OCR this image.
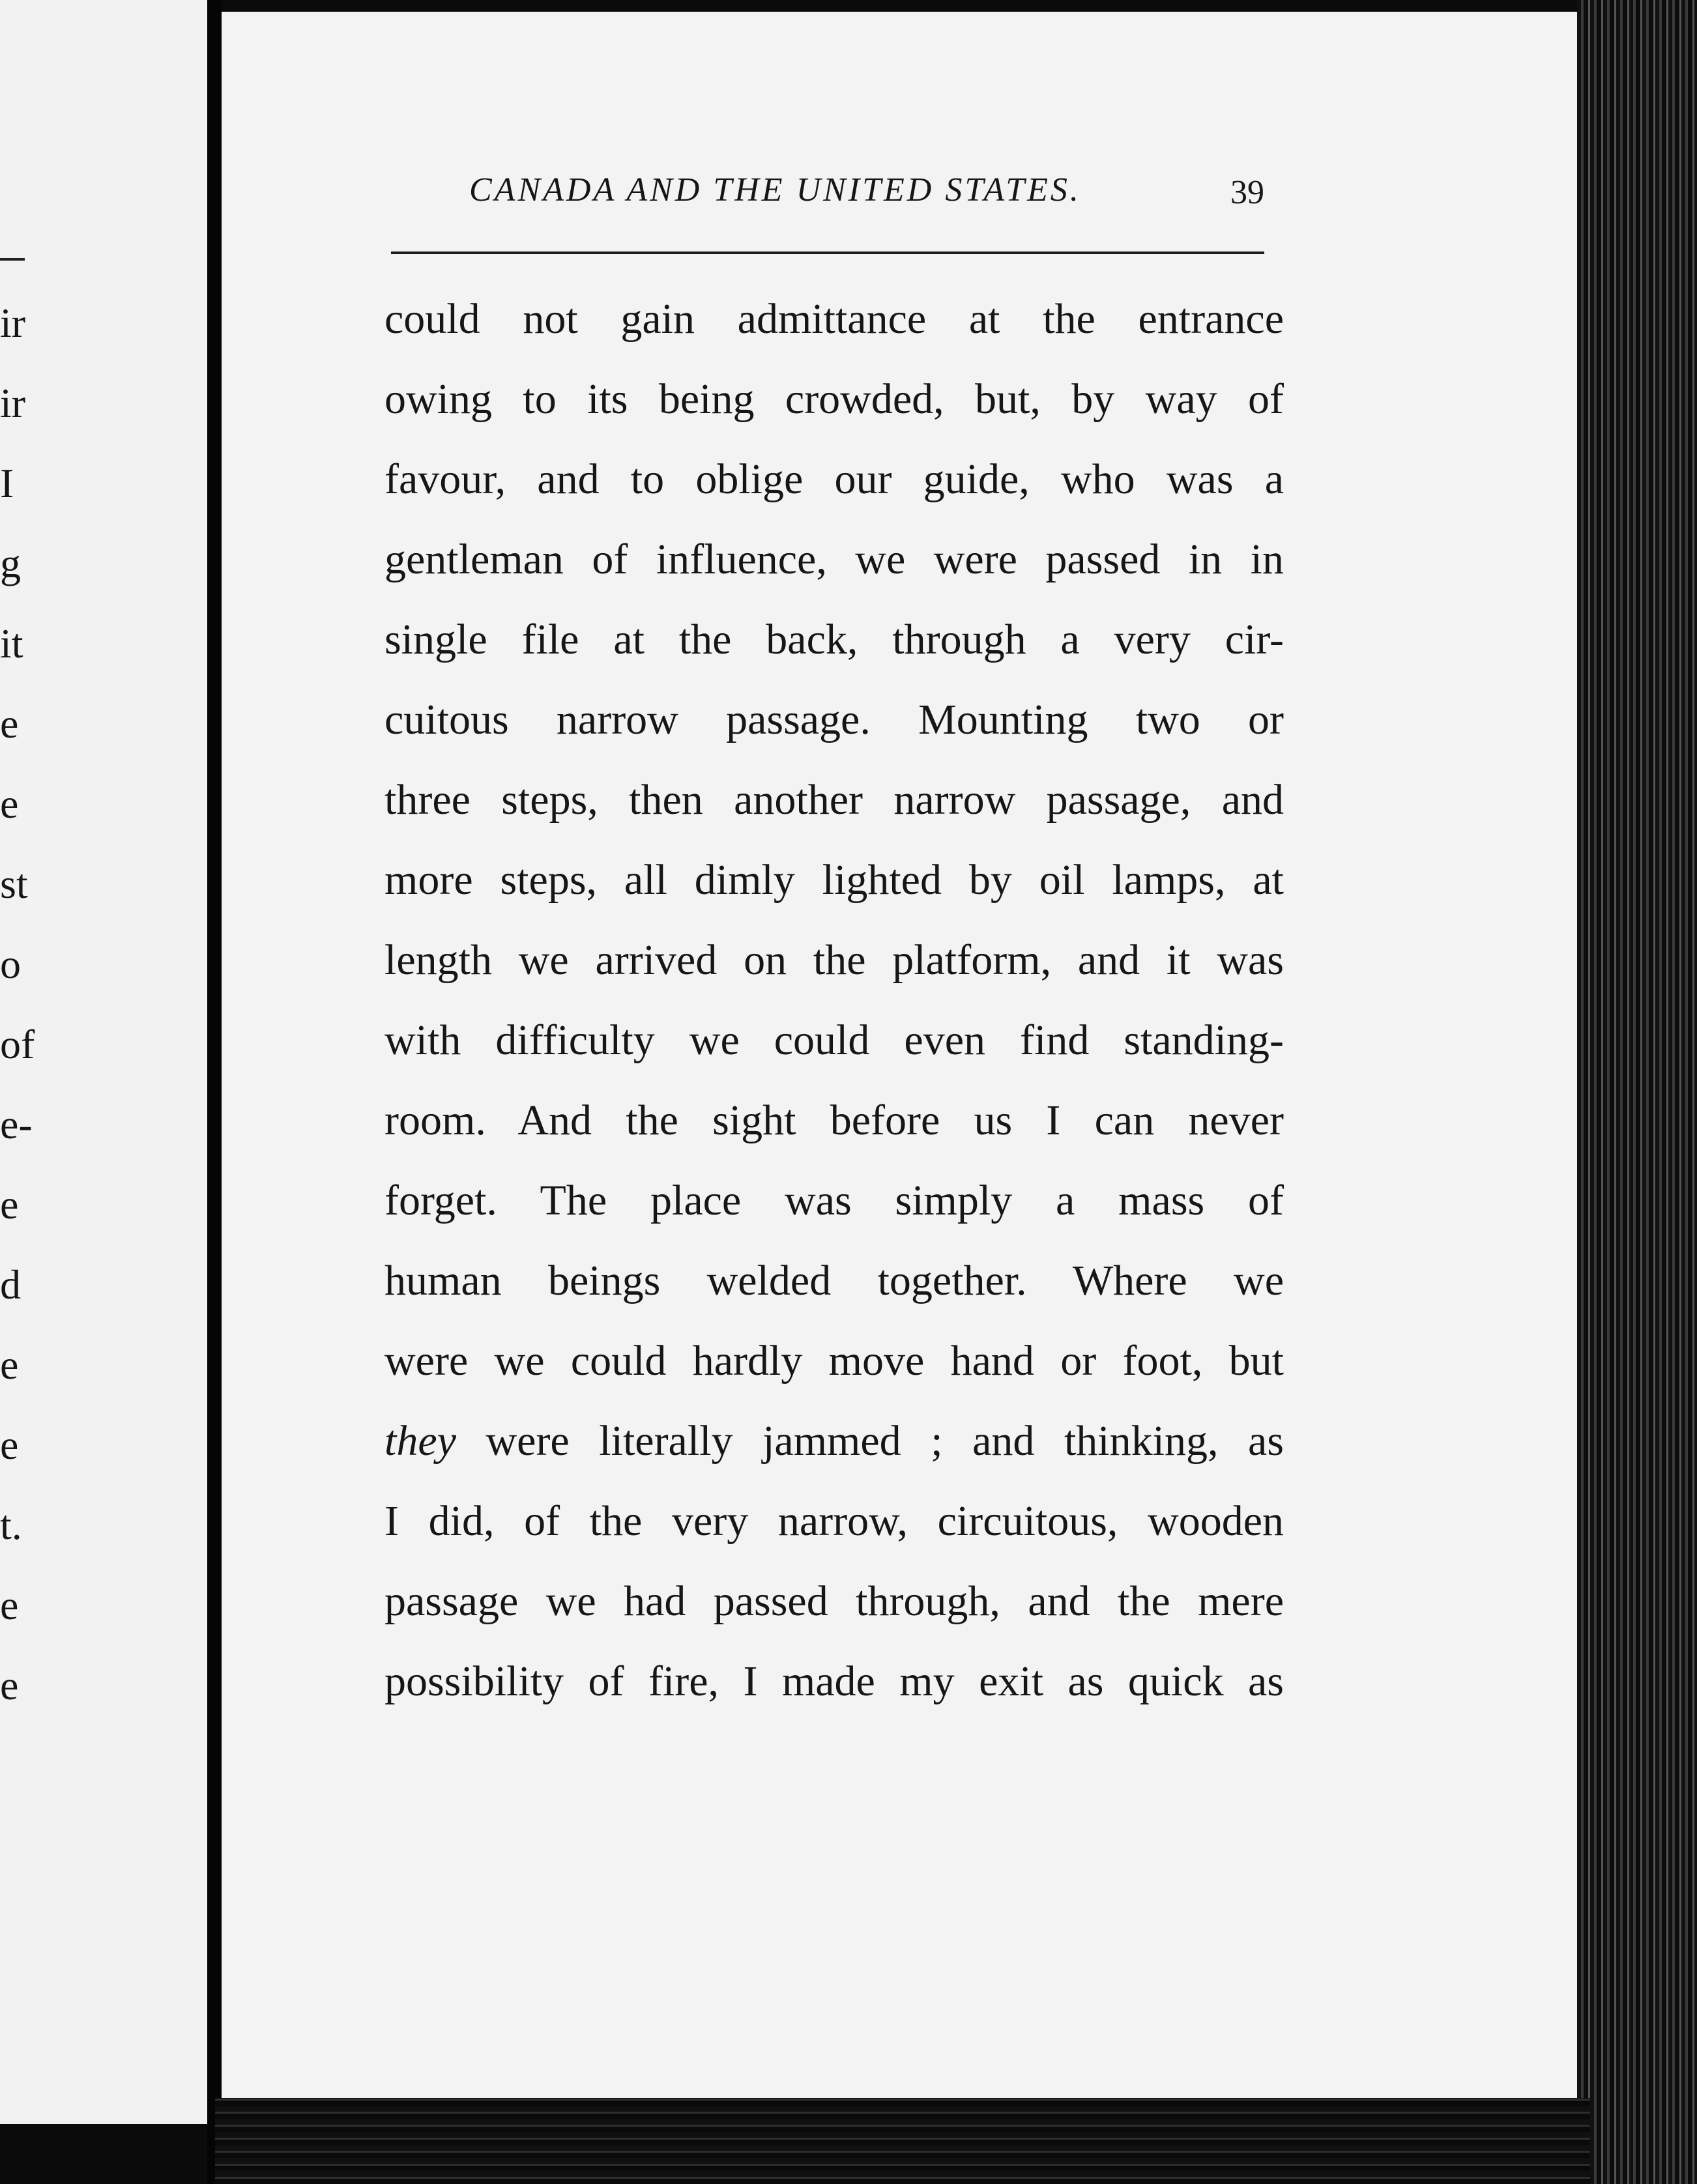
ir
ir
I
g
it
e
e
st
o
of
e-
e
d
e
e
t.
e
e
CANADA AND THE UNITED STATES.	39
could not gain admittance at the entrance
owing to its being crowded, but, by way of
favour, and to oblige our guide, who was a
gentleman of influence, we were passed in in
single file at the back, through a very cir-
cuitous narrow passage. Mounting two or
three steps, then another narrow passage, and
more steps, all dimly lighted by oil lamps, at
length we arrived on the platform, and it was
with difficulty we could even find standing-
room. And the sight before us I can never
forget. The place was simply a mass of
human beings welded together. Where we
were we could hardly move hand or foot, but
they were literally jammed ; and thinking, as
I did, of the very narrow, circuitous, wooden
passage we had passed through, and the mere
possibility of fire, I made my exit as quick as
